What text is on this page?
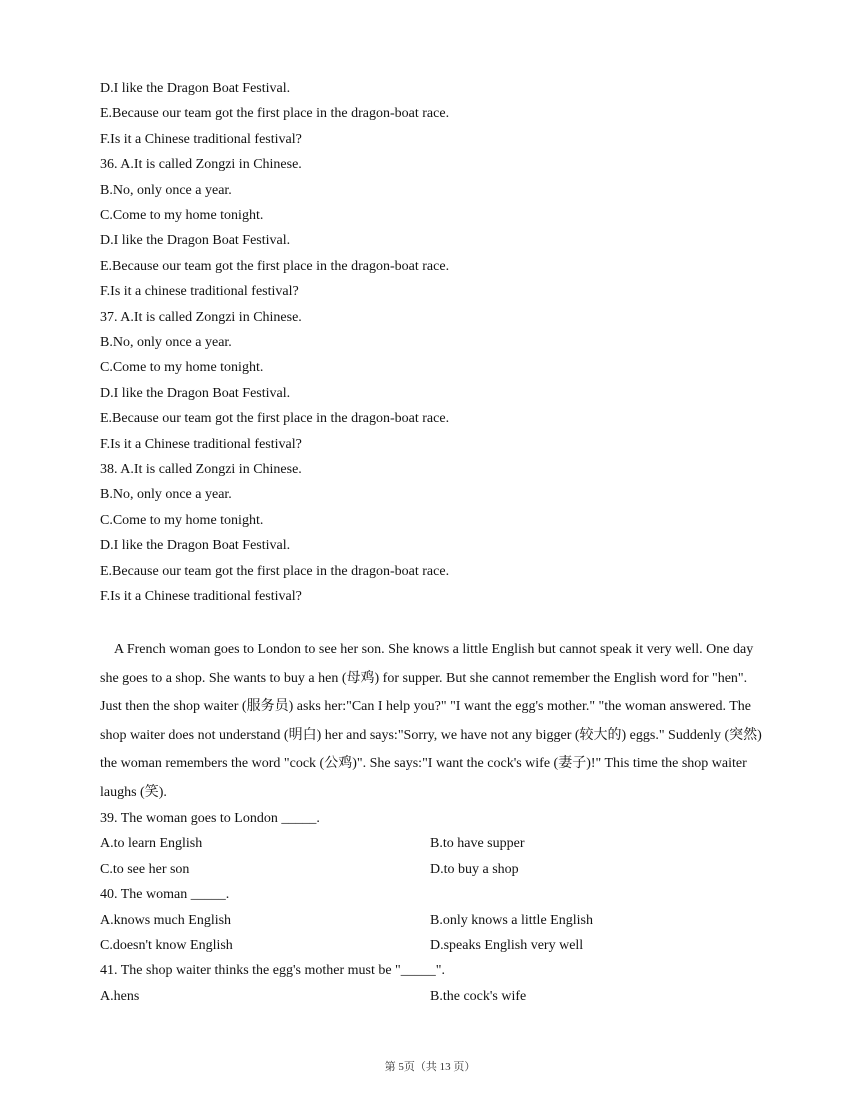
D.I like the Dragon Boat Festival.
E.Because our team got the first place in the dragon-boat race.
F.Is it a Chinese traditional festival?
36. A.It is called Zongzi in Chinese.
B.No, only once a year.
C.Come to my home tonight.
D.I like the Dragon Boat Festival.
E.Because our team got the first place in the dragon-boat race.
F.Is it a chinese traditional festival?
37. A.It is called Zongzi in Chinese.
B.No, only once a year.
C.Come to my home tonight.
D.I like the Dragon Boat Festival.
E.Because our team got the first place in the dragon-boat race.
F.Is it a Chinese traditional festival?
38. A.It is called Zongzi in Chinese.
B.No, only once a year.
C.Come to my home tonight.
D.I like the Dragon Boat Festival.
E.Because our team got the first place in the dragon-boat race.
F.Is it a Chinese traditional festival?

A French woman goes to London to see her son. She knows a little English but cannot speak it very well. One day she goes to a shop. She wants to buy a hen (母鸡) for supper. But she cannot remember the English word for "hen". Just then the shop waiter (服务员) asks her:"Can I help you?" "I want the egg's mother." "the woman answered. The shop waiter does not understand (明白) her and says:"Sorry, we have not any bigger (较大的) eggs." Suddenly (突然) the woman remembers the word "cock (公鸡)". She says:"I want the cock's wife (妻子)!" This time the shop waiter laughs (笑).

39. The woman goes to London _____.
A.to learn English	B.to have supper
C.to see her son	D.to buy a shop
40. The woman _____.
A.knows much English	B.only knows a little English
C.doesn't know English	D.speaks English very well
41. The shop waiter thinks the egg's mother must be "_____".
A.hens	B.the cock's wife
第 5页（共 13 页）
